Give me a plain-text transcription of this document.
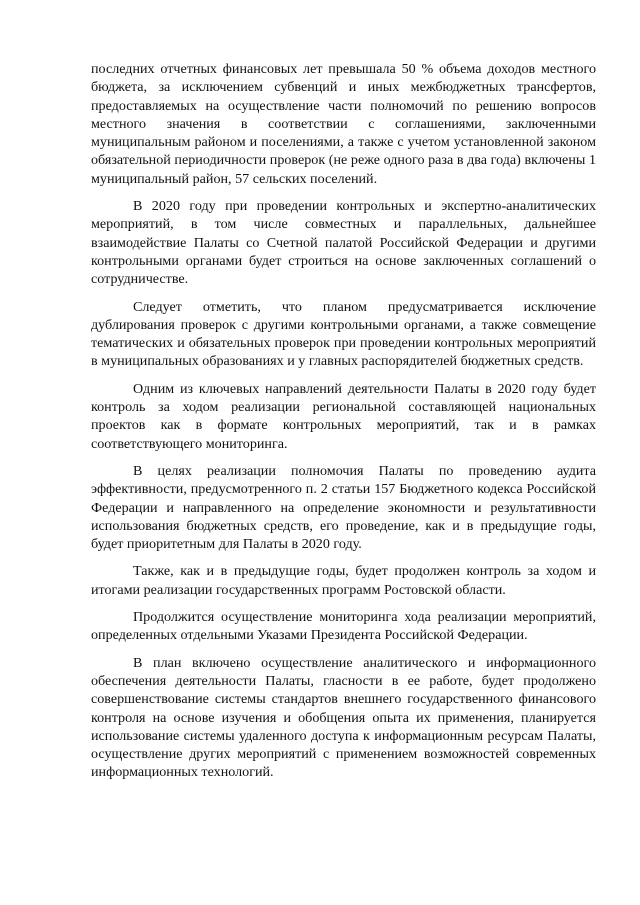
последних отчетных финансовых лет превышала 50 % объема доходов местного бюджета, за исключением субвенций и иных межбюджетных трансфертов, предоставляемых на осуществление части полномочий по решению вопросов местного значения в соответствии с соглашениями, заключенными муниципальным районом и поселениями, а также с учетом установленной законом обязательной периодичности проверок (не реже одного раза в два года) включены 1 муниципальный район, 57 сельских поселений.

В 2020 году при проведении контрольных и экспертно-аналитических мероприятий, в том числе совместных и параллельных, дальнейшее взаимодействие Палаты со Счетной палатой Российской Федерации и другими контрольными органами будет строиться на основе заключенных соглашений о сотрудничестве.

Следует отметить, что планом предусматривается исключение дублирования проверок с другими контрольными органами, а также совмещение тематических и обязательных проверок при проведении контрольных мероприятий в муниципальных образованиях и у главных распорядителей бюджетных средств.

Одним из ключевых направлений деятельности Палаты в 2020 году будет контроль за ходом реализации региональной составляющей национальных проектов как в формате контрольных мероприятий, так и в рамках соответствующего мониторинга.

В целях реализации полномочия Палаты по проведению аудита эффективности, предусмотренного п. 2 статьи 157 Бюджетного кодекса Российской Федерации и направленного на определение экономности и результативности использования бюджетных средств, его проведение, как и в предыдущие годы, будет приоритетным для Палаты в 2020 году.

Также, как и в предыдущие годы, будет продолжен контроль за ходом и итогами реализации государственных программ Ростовской области.

Продолжится осуществление мониторинга хода реализации мероприятий, определенных отдельными Указами Президента Российской Федерации.

В план включено осуществление аналитического и информационного обеспечения деятельности Палаты, гласности в ее работе, будет продолжено совершенствование системы стандартов внешнего государственного финансового контроля на основе изучения и обобщения опыта их применения, планируется использование системы удаленного доступа к информационным ресурсам Палаты, осуществление других мероприятий с применением возможностей современных информационных технологий.
